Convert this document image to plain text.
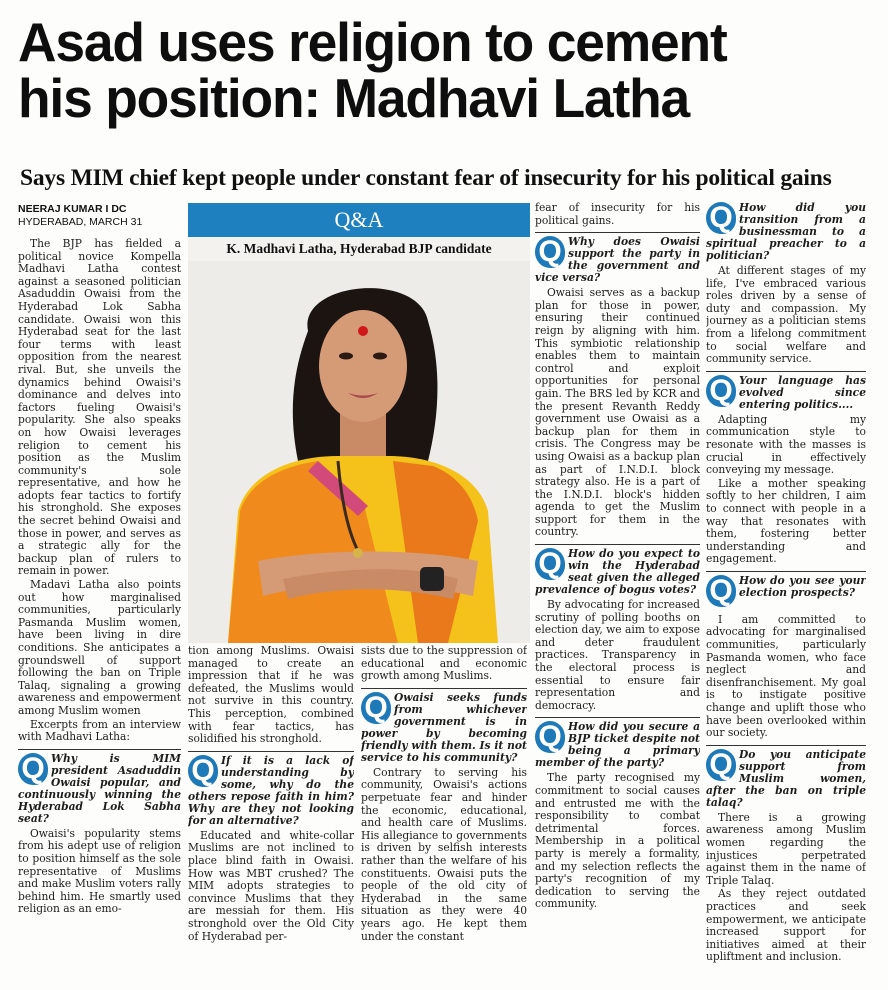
Asad uses religion to cement
his position: Madhavi Latha
Says MIM chief kept people under constant fear of insecurity for his political gains
NEERAJ KUMAR I DC
HYDERABAD, MARCH 31

The BJP has fielded a political novice Kompella Madhavi Latha contest against a seasoned politician Asaduddin Owaisi from the Hyderabad Lok Sabha candidate. Owaisi won this Hyderabad seat for the last four terms with least opposition from the nearest rival. But, she unveils the dynamics behind Owaisi's dominance and delves into factors fueling Owaisi's popularity. She also speaks on how Owaisi leverages religion to cement his position as the Muslim community's sole representative, and how he adopts fear tactics to fortify his stronghold. She exposes the secret behind Owaisi and those in power, and serves as a strategic ally for the backup plan of rulers to remain in power.

Madavi Latha also points out how marginalised communities, particularly Pasmanda Muslim women, have been living in dire conditions. She anticipates a groundswell of support following the ban on Triple Talaq, signaling a growing awareness and empowerment among Muslim women

Excerpts from an interview with Madhavi Latha:

Q Why is MIM president Asaduddin Owaisi popular, and continuously winning the Hyderabad Lok Sabha seat?

Owaisi's popularity stems from his adept use of religion to position himself as the sole representative of Muslims and make Muslim voters rally behind him. He smartly used religion as an emo-

Q&A
K. Madhavi Latha, Hyderabad BJP candidate

tion among Muslims. Owaisi managed to create an impression that if he was defeated, the Muslims would not survive in this country. This perception, combined with fear tactics, has solidified his stronghold.

Q If it is a lack of understanding by some, why do the others repose faith in him? Why are they not looking for an alternative?

Educated and white-collar Muslims are not inclined to place blind faith in Owaisi. How was MBT crushed? The MIM adopts strategies to convince Muslims that they are messiah for them. His stronghold over the Old City of Hyderabad per-

sists due to the suppression of educational and economic growth among Muslims.

Q Owaisi seeks funds from whichever government is in power by becoming friendly with them. Is it not service to his community?

Contrary to serving his community, Owaisi's actions perpetuate fear and hinder the economic, educational, and health care of Muslims. His allegiance to governments is driven by selfish interests rather than the welfare of his constituents. Owaisi puts the people of the old city of Hyderabad in the same situation as they were 40 years ago. He kept them under the constant

fear of insecurity for his political gains.

Q Why does Owaisi support the party in the government and vice versa?

Owaisi serves as a backup plan for those in power, ensuring their continued reign by aligning with him. This symbiotic relationship enables them to maintain control and exploit opportunities for personal gain. The BRS led by KCR and the present Revanth Reddy government use Owaisi as a backup plan for them in crisis. The Congress may be using Owaisi as a backup plan as part of I.N.D.I. block strategy also. He is a part of the I.N.D.I. block's hidden agenda to get the Muslim support for them in the country.

Q How do you expect to win the Hyderabad seat given the alleged prevalence of bogus votes?

By advocating for increased scrutiny of polling booths on election day, we aim to expose and deter fraudulent practices. Transparency in the electoral process is essential to ensure fair representation and democracy.

Q How did you secure a BJP ticket despite not being a primary member of the party?

The party recognised my commitment to social causes and entrusted me with the responsibility to combat detrimental forces. Membership in a political party is merely a formality, and my selection reflects the party's recognition of my dedication to serving the community.

Q How did you transition from a businessman to a spiritual preacher to a politician?

At different stages of my life, I've embraced various roles driven by a sense of duty and compassion. My journey as a politician stems from a lifelong commitment to social welfare and community service.

Q Your language has evolved since entering politics....

Adapting my communication style to resonate with the masses is crucial in effectively conveying my message.

Like a mother speaking softly to her children, I aim to connect with people in a way that resonates with them, fostering better understanding and engagement.

Q How do you see your election prospects?

I am committed to advocating for marginalised communities, particularly Pasmanda women, who face neglect and disenfranchisement. My goal is to instigate positive change and uplift those who have been overlooked within our society.

Q Do you anticipate support from Muslim women, after the ban on triple talaq?

There is a growing awareness among Muslim women regarding the injustices perpetrated against them in the name of Triple Talaq.

As they reject outdated practices and seek empowerment, we anticipate increased support for initiatives aimed at their upliftment and inclusion.
